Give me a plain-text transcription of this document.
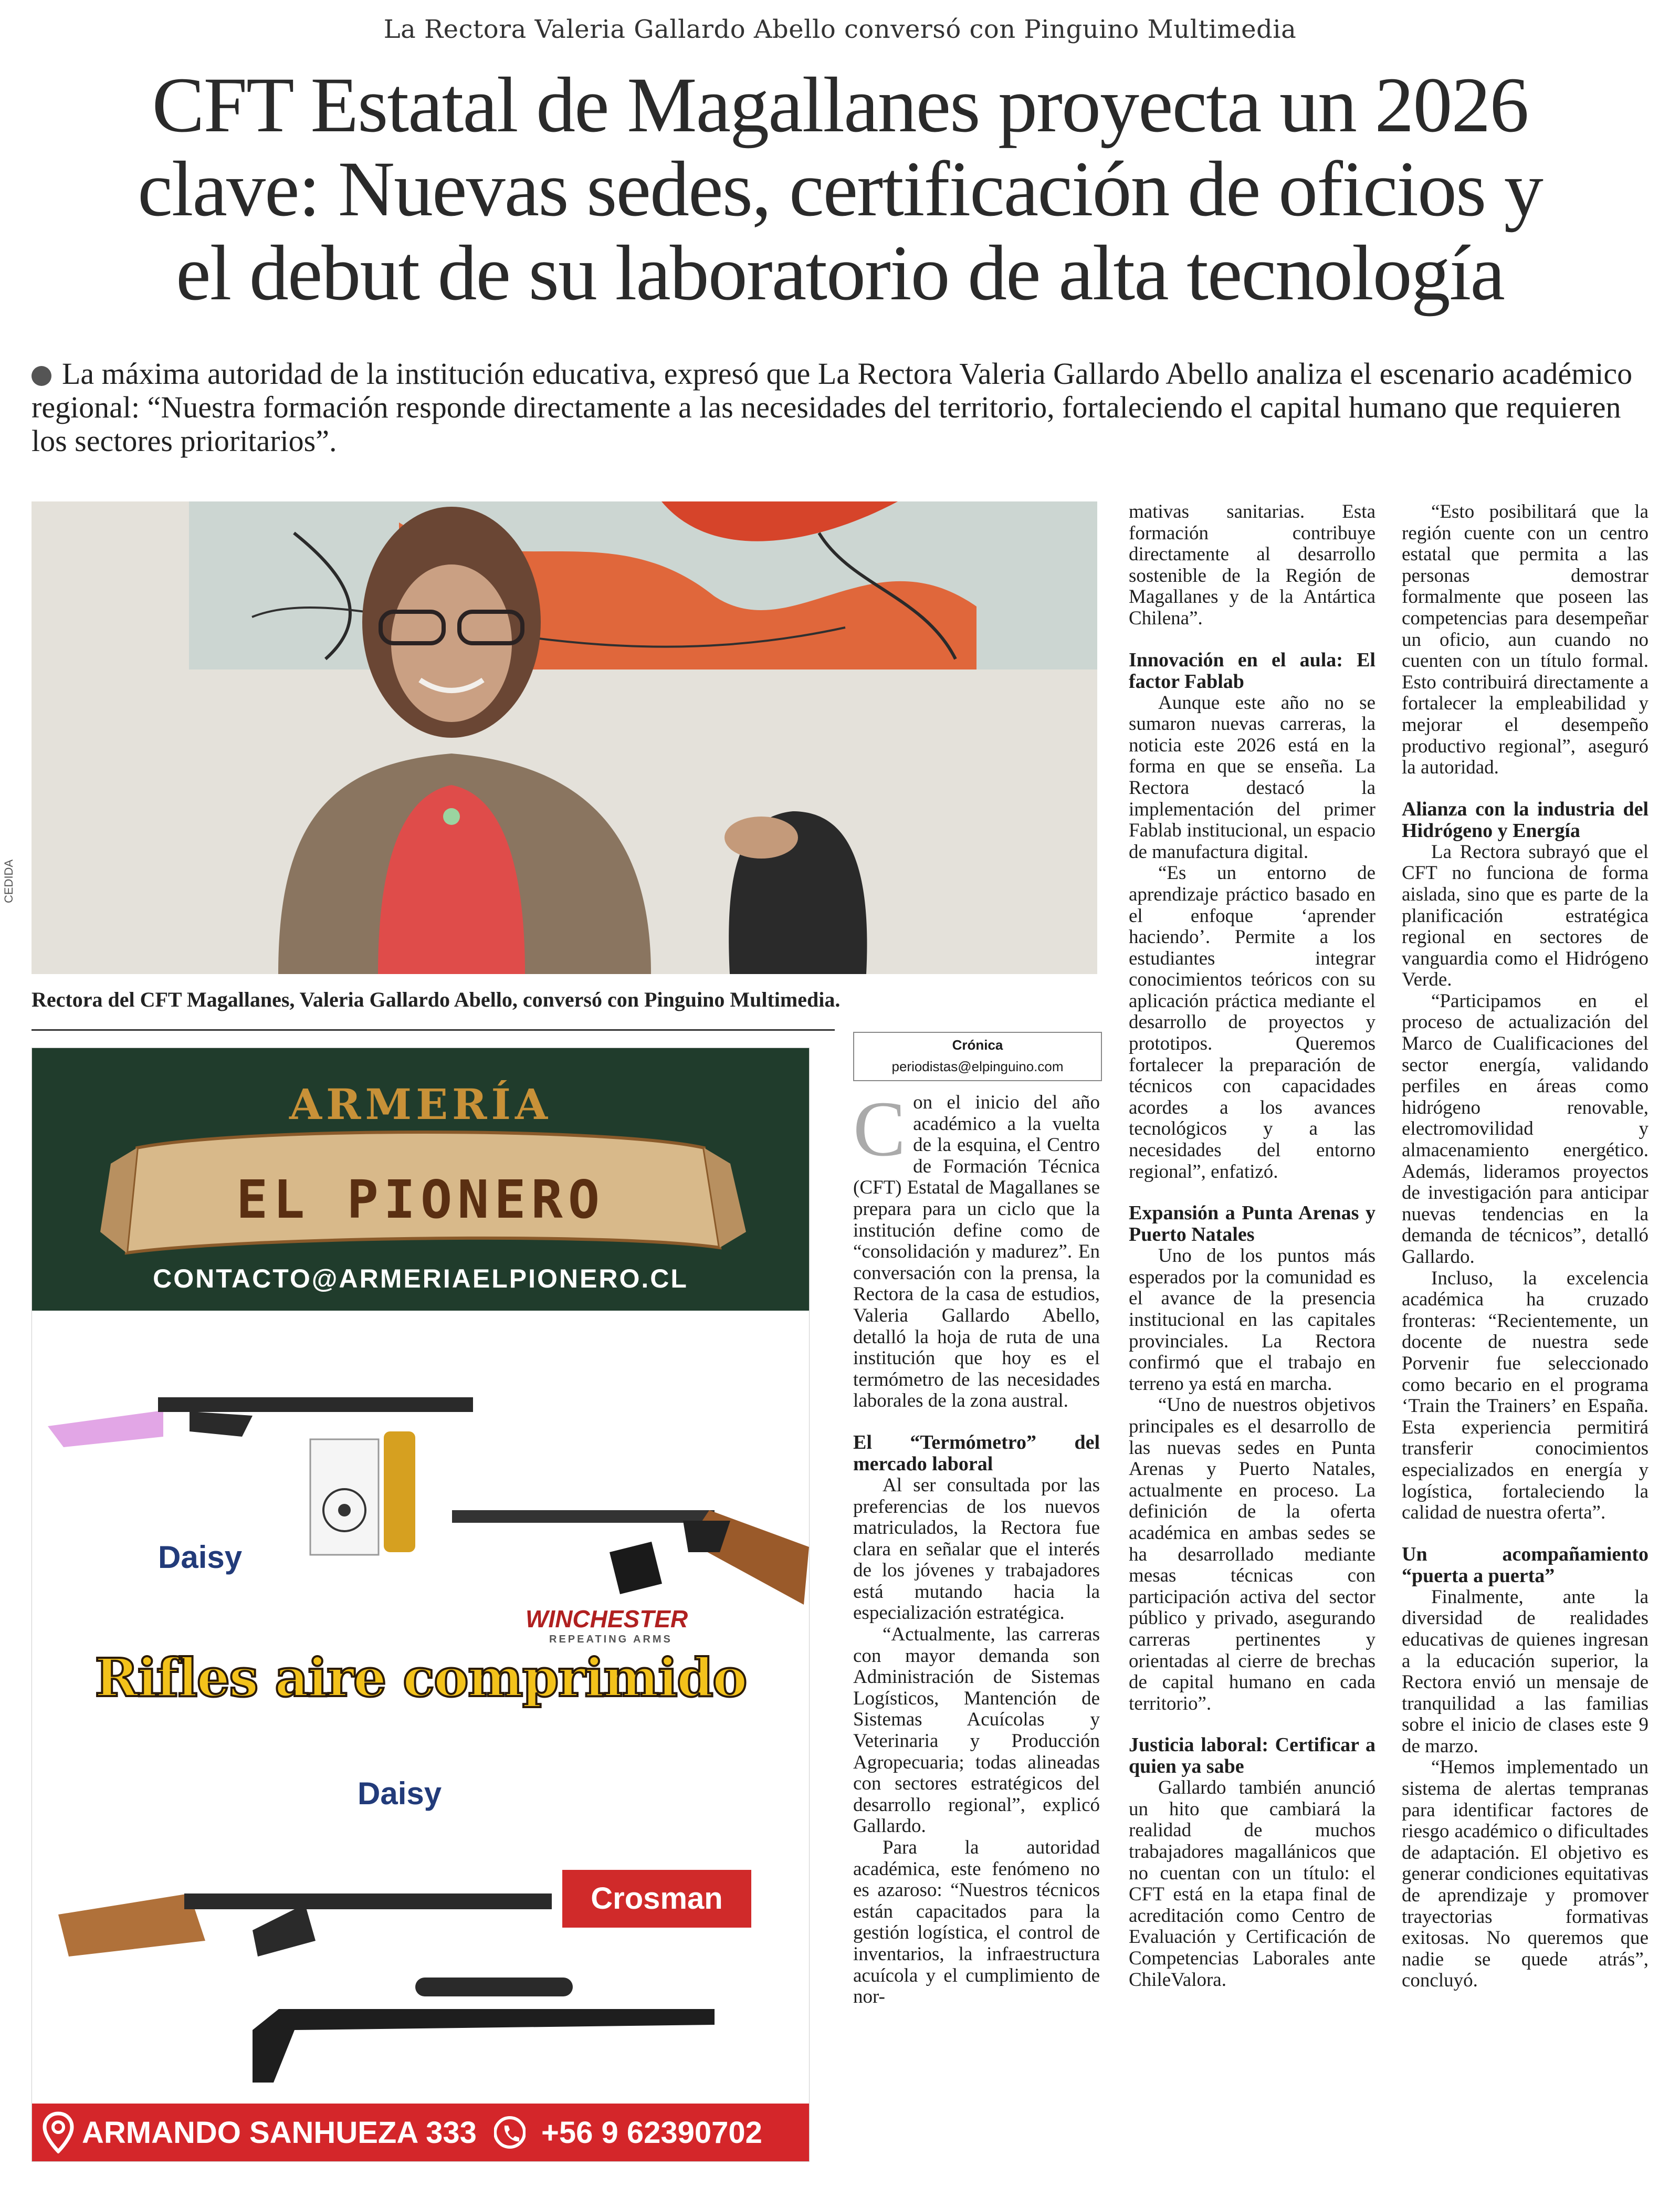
La Rectora Valeria Gallardo Abello conversó con Pinguino Multimedia
CFT Estatal de Magallanes proyecta un 2026
clave: Nuevas sedes, certificación de oficios y
el debut de su laboratorio de alta tecnología
La máxima autoridad de la institución educativa, expresó que La Rectora Valeria Gallardo Abello analiza el escenario académico regional: “Nuestra formación responde directamente a las necesidades del territorio, fortaleciendo el capital humano que requieren los sectores prioritarios”.
CEDIDA
Rectora del CFT Magallanes, Valeria Gallardo Abello, conversó con Pinguino Multimedia.
ARMERÍA
EL PIONERO
CONTACTO@ARMERIAELPIONERO.CL
Daisy
WINCHESTER
REPEATING ARMS
Rifles aire comprimido
Daisy
Crosman
ARMANDO SANHUEZA 333 +56 9 62390702
Crónica
periodistas@elpinguino.com

Con el inicio del año académico a la vuelta de la esquina, el Centro de Formación Técnica (CFT) Estatal de Magallanes se prepara para un ciclo que la institución define como de “consolidación y madurez”. En conversación con la prensa, la Rectora de la casa de estudios, Valeria Gallardo Abello, detalló la hoja de ruta de una institución que hoy es el termómetro de las necesidades laborales de la zona austral.

El “Termómetro” del mercado laboral

Al ser consultada por las preferencias de los nuevos matriculados, la Rectora fue clara en señalar que el interés de los jóvenes y trabajadores está mutando hacia la especialización estratégica.

“Actualmente, las carreras con mayor demanda son Administración de Sistemas Logísticos, Mantención de Sistemas Acuícolas y Veterinaria y Producción Agropecuaria; todas alineadas con sectores estratégicos del desarrollo regional”, explicó Gallardo.

Para la autoridad académica, este fenómeno no es azaroso: “Nuestros técnicos están capacitados para la gestión logística, el control de inventarios, la infraestructura acuícola y el cumplimiento de nor-

mativas sanitarias. Esta formación contribuye directamente al desarrollo sostenible de la Región de Magallanes y de la Antártica Chilena”.

Innovación en el aula: El factor Fablab

Aunque este año no se sumaron nuevas carreras, la noticia este 2026 está en la forma en que se enseña. La Rectora destacó la implementación del primer Fablab institucional, un espacio de manufactura digital.

“Es un entorno de aprendizaje práctico basado en el enfoque ‘aprender haciendo’. Permite a los estudiantes integrar conocimientos teóricos con su aplicación práctica mediante el desarrollo de proyectos y prototipos. Queremos fortalecer la preparación de técnicos con capacidades acordes a los avances tecnológicos y a las necesidades del entorno regional”, enfatizó.

Expansión a Punta Arenas y Puerto Natales

Uno de los puntos más esperados por la comunidad es el avance de la presencia institucional en las capitales provinciales. La Rectora confirmó que el trabajo en terreno ya está en marcha.

“Uno de nuestros objetivos principales es el desarrollo de las nuevas sedes en Punta Arenas y Puerto Natales, actualmente en proceso. La definición de la oferta académica en ambas sedes se ha desarrollado mediante mesas técnicas con participación activa del sector público y privado, asegurando carreras pertinentes y orientadas al cierre de brechas de capital humano en cada territorio”.

Justicia laboral: Certificar a quien ya sabe

Gallardo también anunció un hito que cambiará la realidad de muchos trabajadores magallánicos que no cuentan con un título: el CFT está en la etapa final de acreditación como Centro de Evaluación y Certificación de Competencias Laborales ante ChileValora.

“Esto posibilitará que la región cuente con un centro estatal que permita a las personas demostrar formalmente que poseen las competencias para desempeñar un oficio, aun cuando no cuenten con un título formal. Esto contribuirá directamente a fortalecer la empleabilidad y mejorar el desempeño productivo regional”, aseguró la autoridad.

Alianza con la industria del Hidrógeno y Energía

La Rectora subrayó que el CFT no funciona de forma aislada, sino que es parte de la planificación estratégica regional en sectores de vanguardia como el Hidrógeno Verde.

“Participamos en el proceso de actualización del Marco de Cualificaciones del sector energía, validando perfiles en áreas como hidrógeno renovable, electromovilidad y almacenamiento energético. Además, lideramos proyectos de investigación para anticipar nuevas tendencias en la demanda de técnicos”, detalló Gallardo.

Incluso, la excelencia académica ha cruzado fronteras: “Recientemente, un docente de nuestra sede Porvenir fue seleccionado como becario en el programa ‘Train the Trainers’ en España. Esta experiencia permitirá transferir conocimientos especializados en energía y logística, fortaleciendo la calidad de nuestra oferta”.

Un acompañamiento “puerta a puerta”

Finalmente, ante la diversidad de realidades educativas de quienes ingresan a la educación superior, la Rectora envió un mensaje de tranquilidad a las familias sobre el inicio de clases este 9 de marzo.

“Hemos implementado un sistema de alertas tempranas para identificar factores de riesgo académico o dificultades de adaptación. El objetivo es generar condiciones equitativas de aprendizaje y promover trayectorias formativas exitosas. No queremos que nadie se quede atrás”, concluyó.
